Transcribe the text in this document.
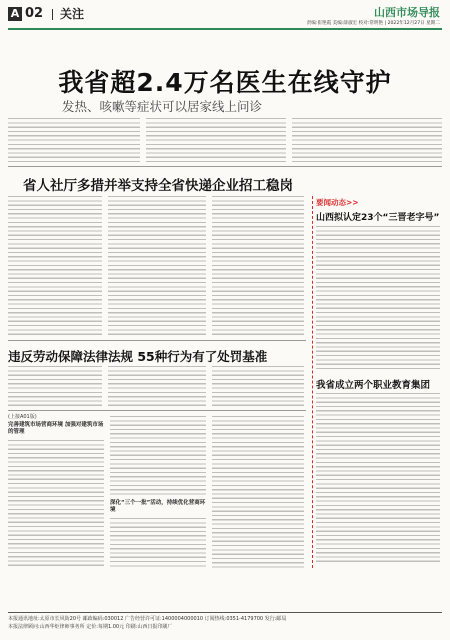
A 02 关注	山西市场导报
责编:崔艳霞 美编:薛淑宏 校对:常明艳 | 2022年12月27日 星期二
我省超2.4万名医生在线守护
发热、咳嗽等症状可以居家线上问诊
省人社厅多措并举支持全省快递企业招工稳岗
要闻动态>>
山西拟认定23个“三晋老字号”
我省成立两个职业教育集团
违反劳动保障法律法规 55种行为有了处罚基准
(上接A01版)
完善建筑市场营商环境 加强对建筑市场的管理
深化“三个一批”活动，持续优化营商环境
本报通讯地址:太原市长风街20号 邮政编码:030012 广告经营许可证:1400004000010 订阅热线:0351-4179700 发行:邮局
本报法律顾问:山西华炬律师事务所 定价:每期1.00元 印刷:山西日报印刷厂
